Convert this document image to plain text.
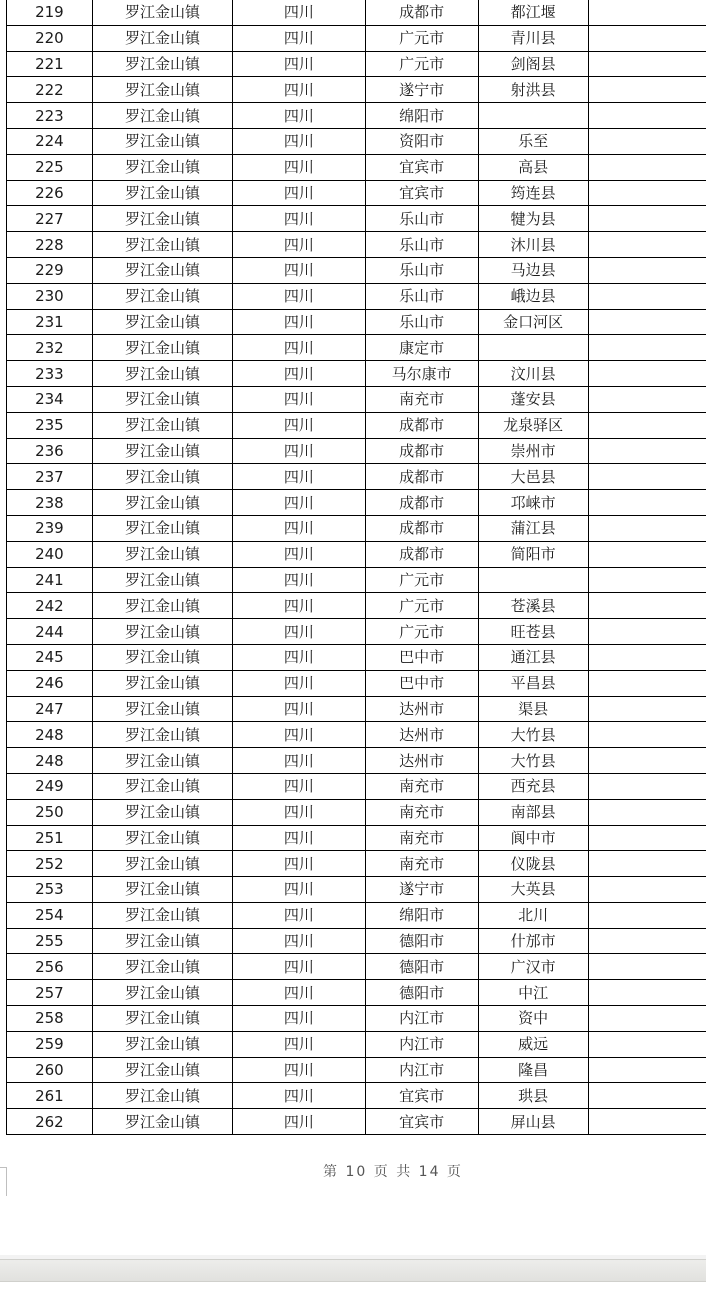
219	罗江金山镇	四川	成都市	都江堰	
220	罗江金山镇	四川	广元市	青川县	
221	罗江金山镇	四川	广元市	剑阁县	
222	罗江金山镇	四川	遂宁市	射洪县	
223	罗江金山镇	四川	绵阳市		
224	罗江金山镇	四川	资阳市	乐至	
225	罗江金山镇	四川	宜宾市	高县	
226	罗江金山镇	四川	宜宾市	筠连县	
227	罗江金山镇	四川	乐山市	犍为县	
228	罗江金山镇	四川	乐山市	沐川县	
229	罗江金山镇	四川	乐山市	马边县	
230	罗江金山镇	四川	乐山市	峨边县	
231	罗江金山镇	四川	乐山市	金口河区	
232	罗江金山镇	四川	康定市		
233	罗江金山镇	四川	马尔康市	汶川县	
234	罗江金山镇	四川	南充市	蓬安县	
235	罗江金山镇	四川	成都市	龙泉驿区	
236	罗江金山镇	四川	成都市	崇州市	
237	罗江金山镇	四川	成都市	大邑县	
238	罗江金山镇	四川	成都市	邛崃市	
239	罗江金山镇	四川	成都市	蒲江县	
240	罗江金山镇	四川	成都市	简阳市	
241	罗江金山镇	四川	广元市		
242	罗江金山镇	四川	广元市	苍溪县	
244	罗江金山镇	四川	广元市	旺苍县	
245	罗江金山镇	四川	巴中市	通江县	
246	罗江金山镇	四川	巴中市	平昌县	
247	罗江金山镇	四川	达州市	渠县	
248	罗江金山镇	四川	达州市	大竹县	
248	罗江金山镇	四川	达州市	大竹县	
249	罗江金山镇	四川	南充市	西充县	
250	罗江金山镇	四川	南充市	南部县	
251	罗江金山镇	四川	南充市	阆中市	
252	罗江金山镇	四川	南充市	仪陇县	
253	罗江金山镇	四川	遂宁市	大英县	
254	罗江金山镇	四川	绵阳市	北川	
255	罗江金山镇	四川	德阳市	什邡市	
256	罗江金山镇	四川	德阳市	广汉市	
257	罗江金山镇	四川	德阳市	中江	
258	罗江金山镇	四川	内江市	资中	
259	罗江金山镇	四川	内江市	威远	
260	罗江金山镇	四川	内江市	隆昌	
261	罗江金山镇	四川	宜宾市	珙县	
262	罗江金山镇	四川	宜宾市	屏山县	
第 10 页 共 14 页
